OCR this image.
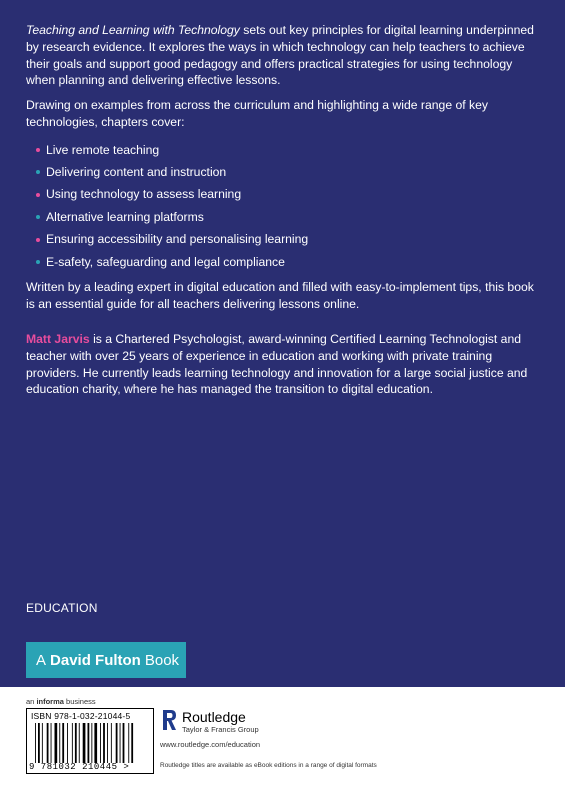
Teaching and Learning with Technology sets out key principles for digital learning underpinned by research evidence. It explores the ways in which technology can help teachers to achieve their goals and support good pedagogy and offers practical strategies for using technology when planning and delivering effective lessons.

Drawing on examples from across the curriculum and highlighting a wide range of key technologies, chapters cover:

Live remote teaching
Delivering content and instruction
Using technology to assess learning
Alternative learning platforms
Ensuring accessibility and personalising learning
E-safety, safeguarding and legal compliance

Written by a leading expert in digital education and filled with easy-to-implement tips, this book is an essential guide for all teachers delivering lessons online.

Matt Jarvis is a Chartered Psychologist, award-winning Certified Learning Technologist and teacher with over 25 years of experience in education and working with private training providers. He currently leads learning technology and innovation for a large social justice and education charity, where he has managed the transition to digital education.

EDUCATION
A David Fulton Book
an informa business
ISBN 978-1-032-21044-5
9 781032 210445 >
Routledge
Taylor & Francis Group
www.routledge.com/education
Routledge titles are available as eBook editions in a range of digital formats
